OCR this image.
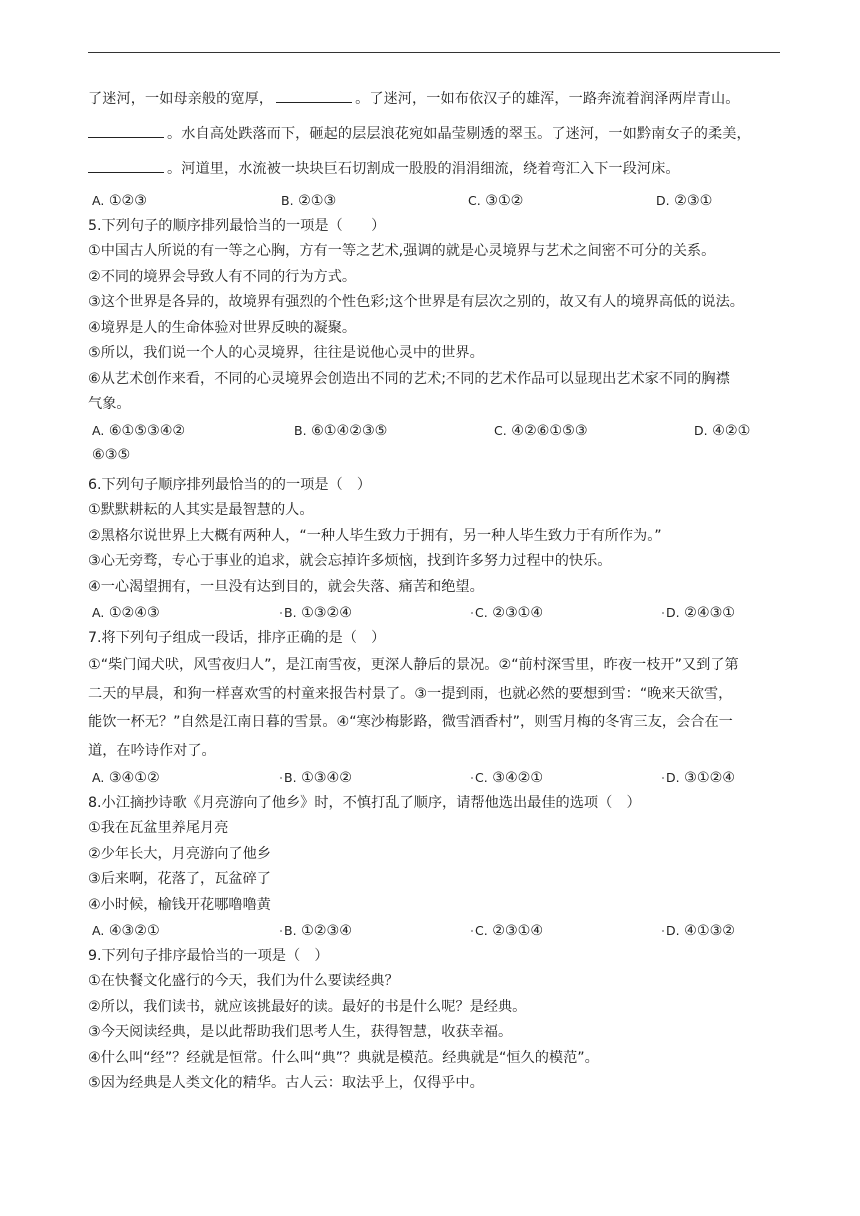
了迷河，一如母亲般的宽厚，	。了迷河，一如布依汉子的雄浑，一路奔流着润泽两岸青山。
。水自高处跌落而下，砸起的层层浪花宛如晶莹剔透的翠玉。了迷河，一如黔南女子的柔美，
。河道里，水流被一块块巨石切割成一股股的涓涓细流，绕着弯汇入下一段河床。
A. ①②③	B. ②①③	C. ③①②	D. ②③①
5.下列句子的顺序排列最恰当的一项是（　　）
①中国古人所说的有一等之心胸，方有一等之艺术,强调的就是心灵境界与艺术之间密不可分的关系。
②不同的境界会导致人有不同的行为方式。
③这个世界是各异的，故境界有强烈的个性色彩;这个世界是有层次之别的，故又有人的境界高低的说法。
④境界是人的生命体验对世界反映的凝聚。
⑤所以，我们说一个人的心灵境界，往往是说他心灵中的世界。
⑥从艺术创作来看，不同的心灵境界会创造出不同的艺术;不同的艺术作品可以显现出艺术家不同的胸襟
气象。
A. ⑥①⑤③④②	B. ⑥①④②③⑤	C. ④②⑥①⑤③	D. ④②①
⑥③⑤
6.下列句子顺序排列最恰当的的一项是（　）
①默默耕耘的人其实是最智慧的人。
②黑格尔说世界上大概有两种人，“一种人毕生致力于拥有，另一种人毕生致力于有所作为。”
③心无旁骛，专心于事业的追求，就会忘掉许多烦恼，找到许多努力过程中的快乐。
④一心渴望拥有，一旦没有达到目的，就会失落、痛苦和绝望。
A. ①②④③	B. ①③②④	C. ②③①④	D. ②④③①
7.将下列句子组成一段话，排序正确的是（　）
①“柴门闻犬吠，风雪夜归人”，是江南雪夜，更深人静后的景况。②“前村深雪里，昨夜一枝开”又到了第
二天的早晨，和狗一样喜欢雪的村童来报告村景了。③一提到雨，也就必然的要想到雪：“晚来天欲雪，
能饮一杯无？”自然是江南日暮的雪景。④“寒沙梅影路，微雪酒香村”，则雪月梅的冬宵三友，会合在一
道，在吟诗作对了。
A. ③④①②	B. ①③④②	C. ③④②①	D. ③①②④
8.小江摘抄诗歌《月亮游向了他乡》时，不慎打乱了顺序，请帮他选出最佳的选项（　）
①我在瓦盆里养尾月亮
②少年长大，月亮游向了他乡
③后来啊，花落了，瓦盆碎了
④小时候，榆钱开花哪噜噜黄
A. ④③②①	B. ①②③④	C. ②③①④	D. ④①③②
9.下列句子排序最恰当的一项是（　）
①在快餐文化盛行的今天，我们为什么要读经典？
②所以，我们读书，就应该挑最好的读。最好的书是什么呢？是经典。
③今天阅读经典，是以此帮助我们思考人生，获得智慧，收获幸福。
④什么叫“经”？经就是恒常。什么叫“典”？典就是模范。经典就是“恒久的模范”。
⑤因为经典是人类文化的精华。古人云：取法乎上，仅得乎中。
